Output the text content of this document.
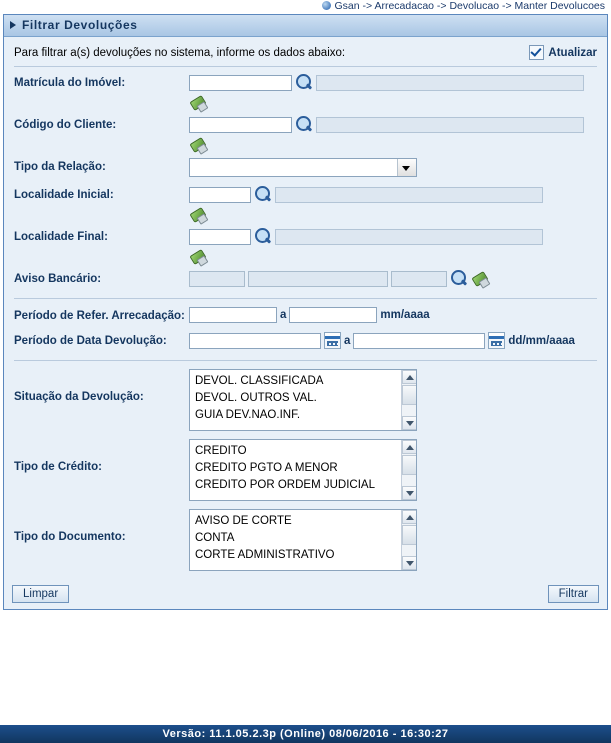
Gsan -> Arrecadacao -> Devolucao -> Manter Devolucoes
Filtrar Devoluções
Para filtrar a(s) devoluções no sistema, informe os dados abaixo:	Atualizar
Matrícula do Imóvel:
Código do Cliente:
Tipo da Relação:
Localidade Inicial:
Localidade Final:
Aviso Bancário:
Período de Refer. Arrecadação:	a	mm/aaaa
Período de Data Devolução:	a	dd/mm/aaaa
Situação da Devolução:
DEVOL. CLASSIFICADA
DEVOL. OUTROS VAL.
GUIA DEV.NAO.INF.
Tipo de Crédito:
CREDITO
CREDITO PGTO A MENOR
CREDITO POR ORDEM JUDICIAL
Tipo do Documento:
AVISO DE CORTE
CONTA
CORTE ADMINISTRATIVO
Limpar	Filtrar
Versão: 11.1.05.2.3p (Online) 08/06/2016 - 16:30:27
